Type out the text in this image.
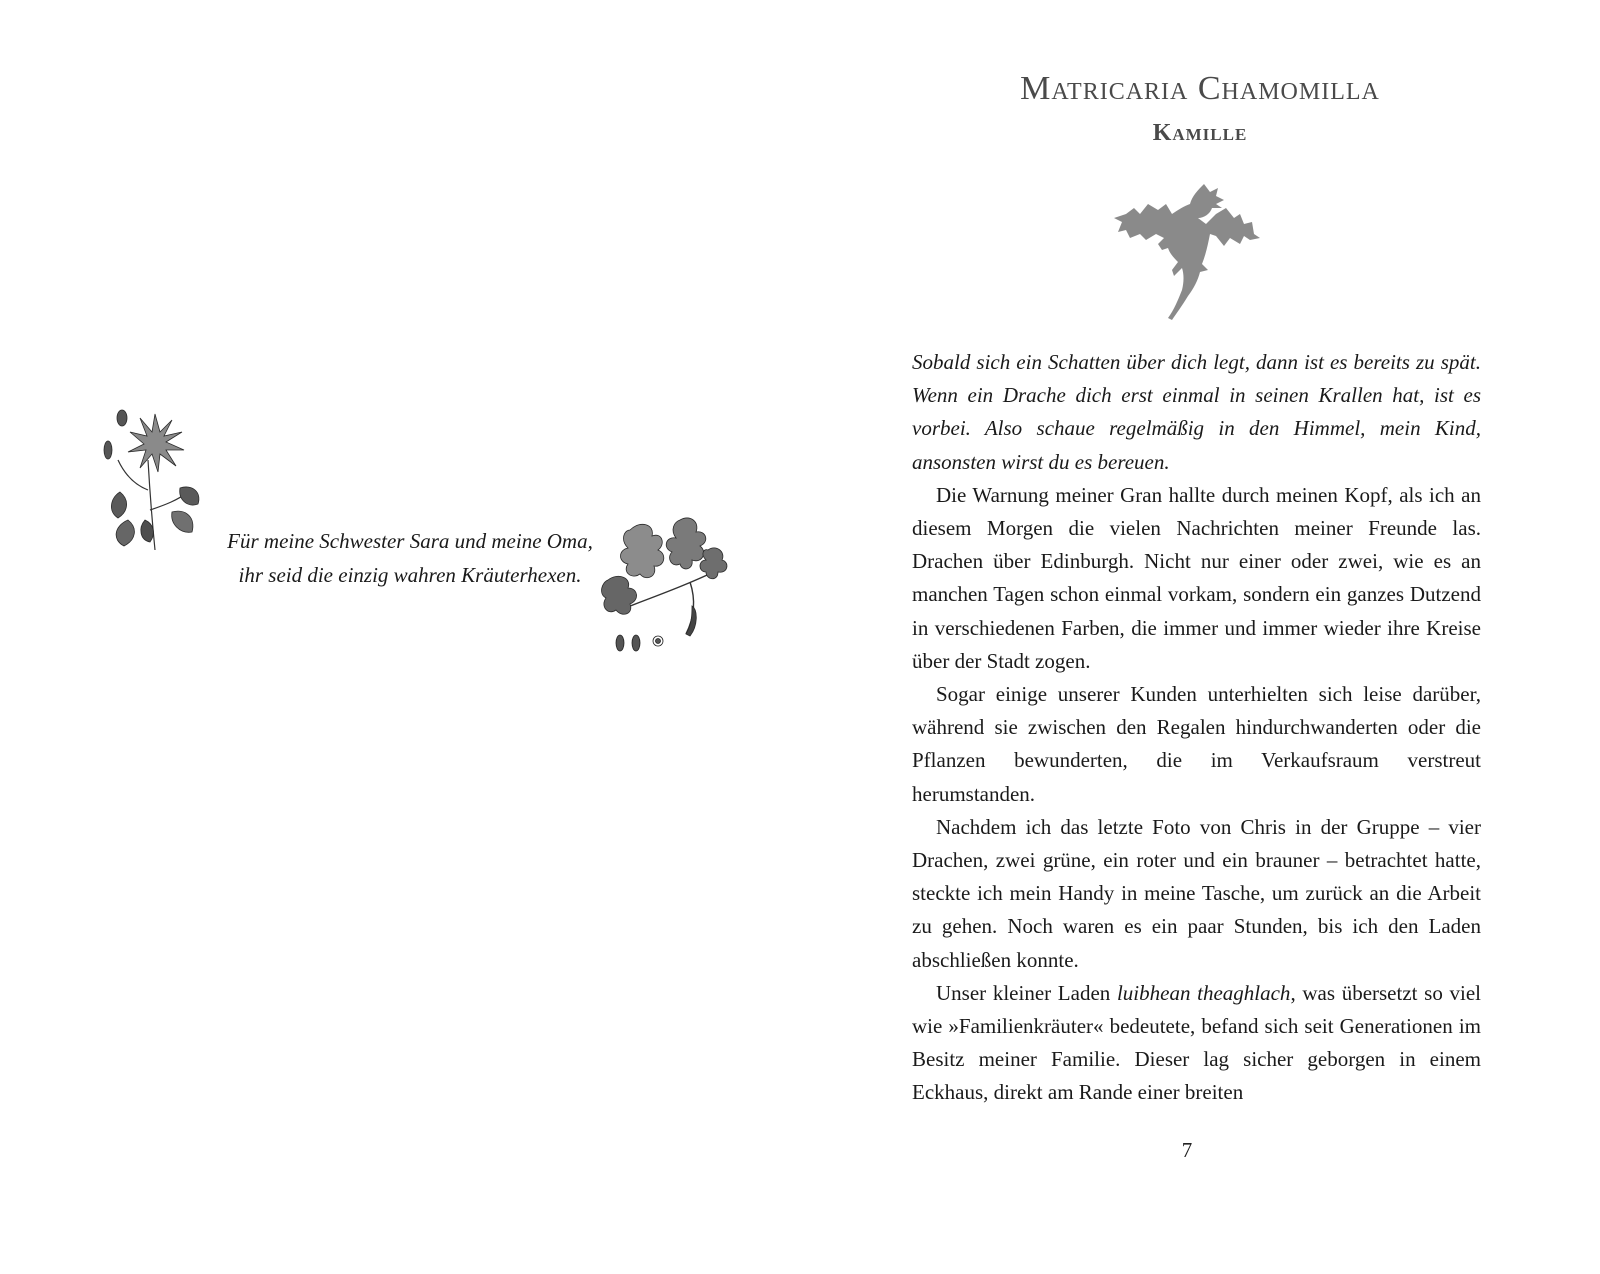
Für meine Schwester Sara und meine Oma,
ihr seid die einzig wahren Kräuterhexen.
Matricaria Chamomilla
Kamille

Sobald sich ein Schatten über dich legt, dann ist es bereits zu spät. Wenn ein Drache dich erst einmal in seinen Krallen hat, ist es vorbei. Also schaue regelmäßig in den Himmel, mein Kind, ansonsten wirst du es bereuen.

Die Warnung meiner Gran hallte durch meinen Kopf, als ich an diesem Morgen die vielen Nachrichten meiner Freunde las. Drachen über Edinburgh. Nicht nur einer oder zwei, wie es an manchen Tagen schon einmal vorkam, sondern ein ganzes Dutzend in verschiedenen Farben, die immer und immer wieder ihre Kreise über der Stadt zogen.

Sogar einige unserer Kunden unterhielten sich leise darüber, während sie zwischen den Regalen hindurchwanderten oder die Pflanzen bewunderten, die im Verkaufsraum verstreut herumstanden.

Nachdem ich das letzte Foto von Chris in der Gruppe – vier Drachen, zwei grüne, ein roter und ein brauner – betrachtet hatte, steckte ich mein Handy in meine Tasche, um zurück an die Arbeit zu gehen. Noch waren es ein paar Stunden, bis ich den Laden abschließen konnte.

Unser kleiner Laden luibhean theaghlach, was übersetzt so viel wie »Familienkräuter« bedeutete, befand sich seit Generationen im Besitz meiner Familie. Dieser lag sicher geborgen in einem Eckhaus, direkt am Rande einer breiten

7
